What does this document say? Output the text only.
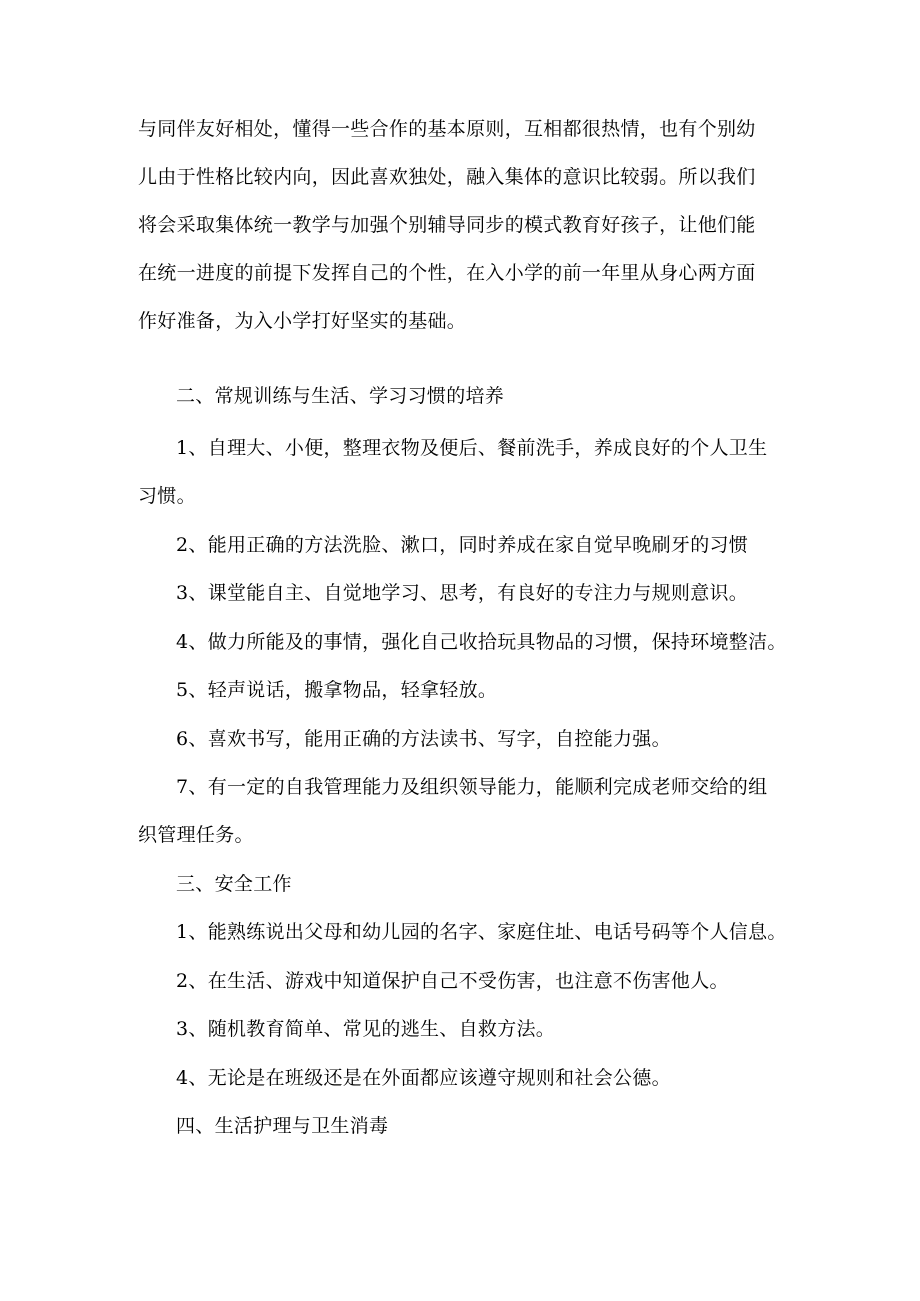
与同伴友好相处，懂得一些合作的基本原则，互相都很热情，也有个别幼
儿由于性格比较内向，因此喜欢独处，融入集体的意识比较弱。所以我们
将会采取集体统一教学与加强个别辅导同步的模式教育好孩子，让他们能
在统一进度的前提下发挥自己的个性，在入小学的前一年里从身心两方面
作好准备，为入小学打好坚实的基础。
二、常规训练与生活、学习习惯的培养
1、自理大、小便，整理衣物及便后、餐前洗手，养成良好的个人卫生
习惯。
2、能用正确的方法洗脸、漱口，同时养成在家自觉早晚刷牙的习惯
3、课堂能自主、自觉地学习、思考，有良好的专注力与规则意识。
4、做力所能及的事情，强化自己收拾玩具物品的习惯，保持环境整洁。
5、轻声说话，搬拿物品，轻拿轻放。
6、喜欢书写，能用正确的方法读书、写字，自控能力强。
7、有一定的自我管理能力及组织领导能力，能顺利完成老师交给的组
织管理任务。
三、安全工作
1、能熟练说出父母和幼儿园的名字、家庭住址、电话号码等个人信息。
2、在生活、游戏中知道保护自己不受伤害，也注意不伤害他人。
3、随机教育简单、常见的逃生、自救方法。
4、无论是在班级还是在外面都应该遵守规则和社会公德。
四、生活护理与卫生消毒
